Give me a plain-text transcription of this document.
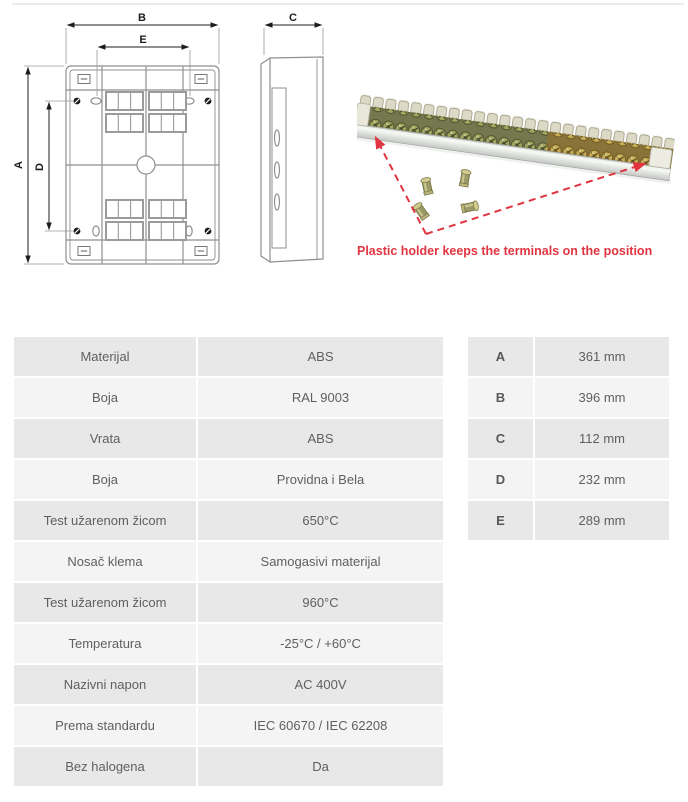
B
E
A D
C
Plastic holder keeps the terminals on the position
Materijal	ABS
Boja	RAL 9003
Vrata	ABS
Boja	Providna i Bela
Test užarenom žicom	650°C
Nosač klema	Samogasivi materijal
Test užarenom žicom	960°C
Temperatura	-25°C / +60°C
Nazivni napon	AC 400V
Prema standardu	IEC 60670 / IEC 62208
Bez halogena	Da
A	361 mm
B	396 mm
C	112 mm
D	232 mm
E	289 mm
